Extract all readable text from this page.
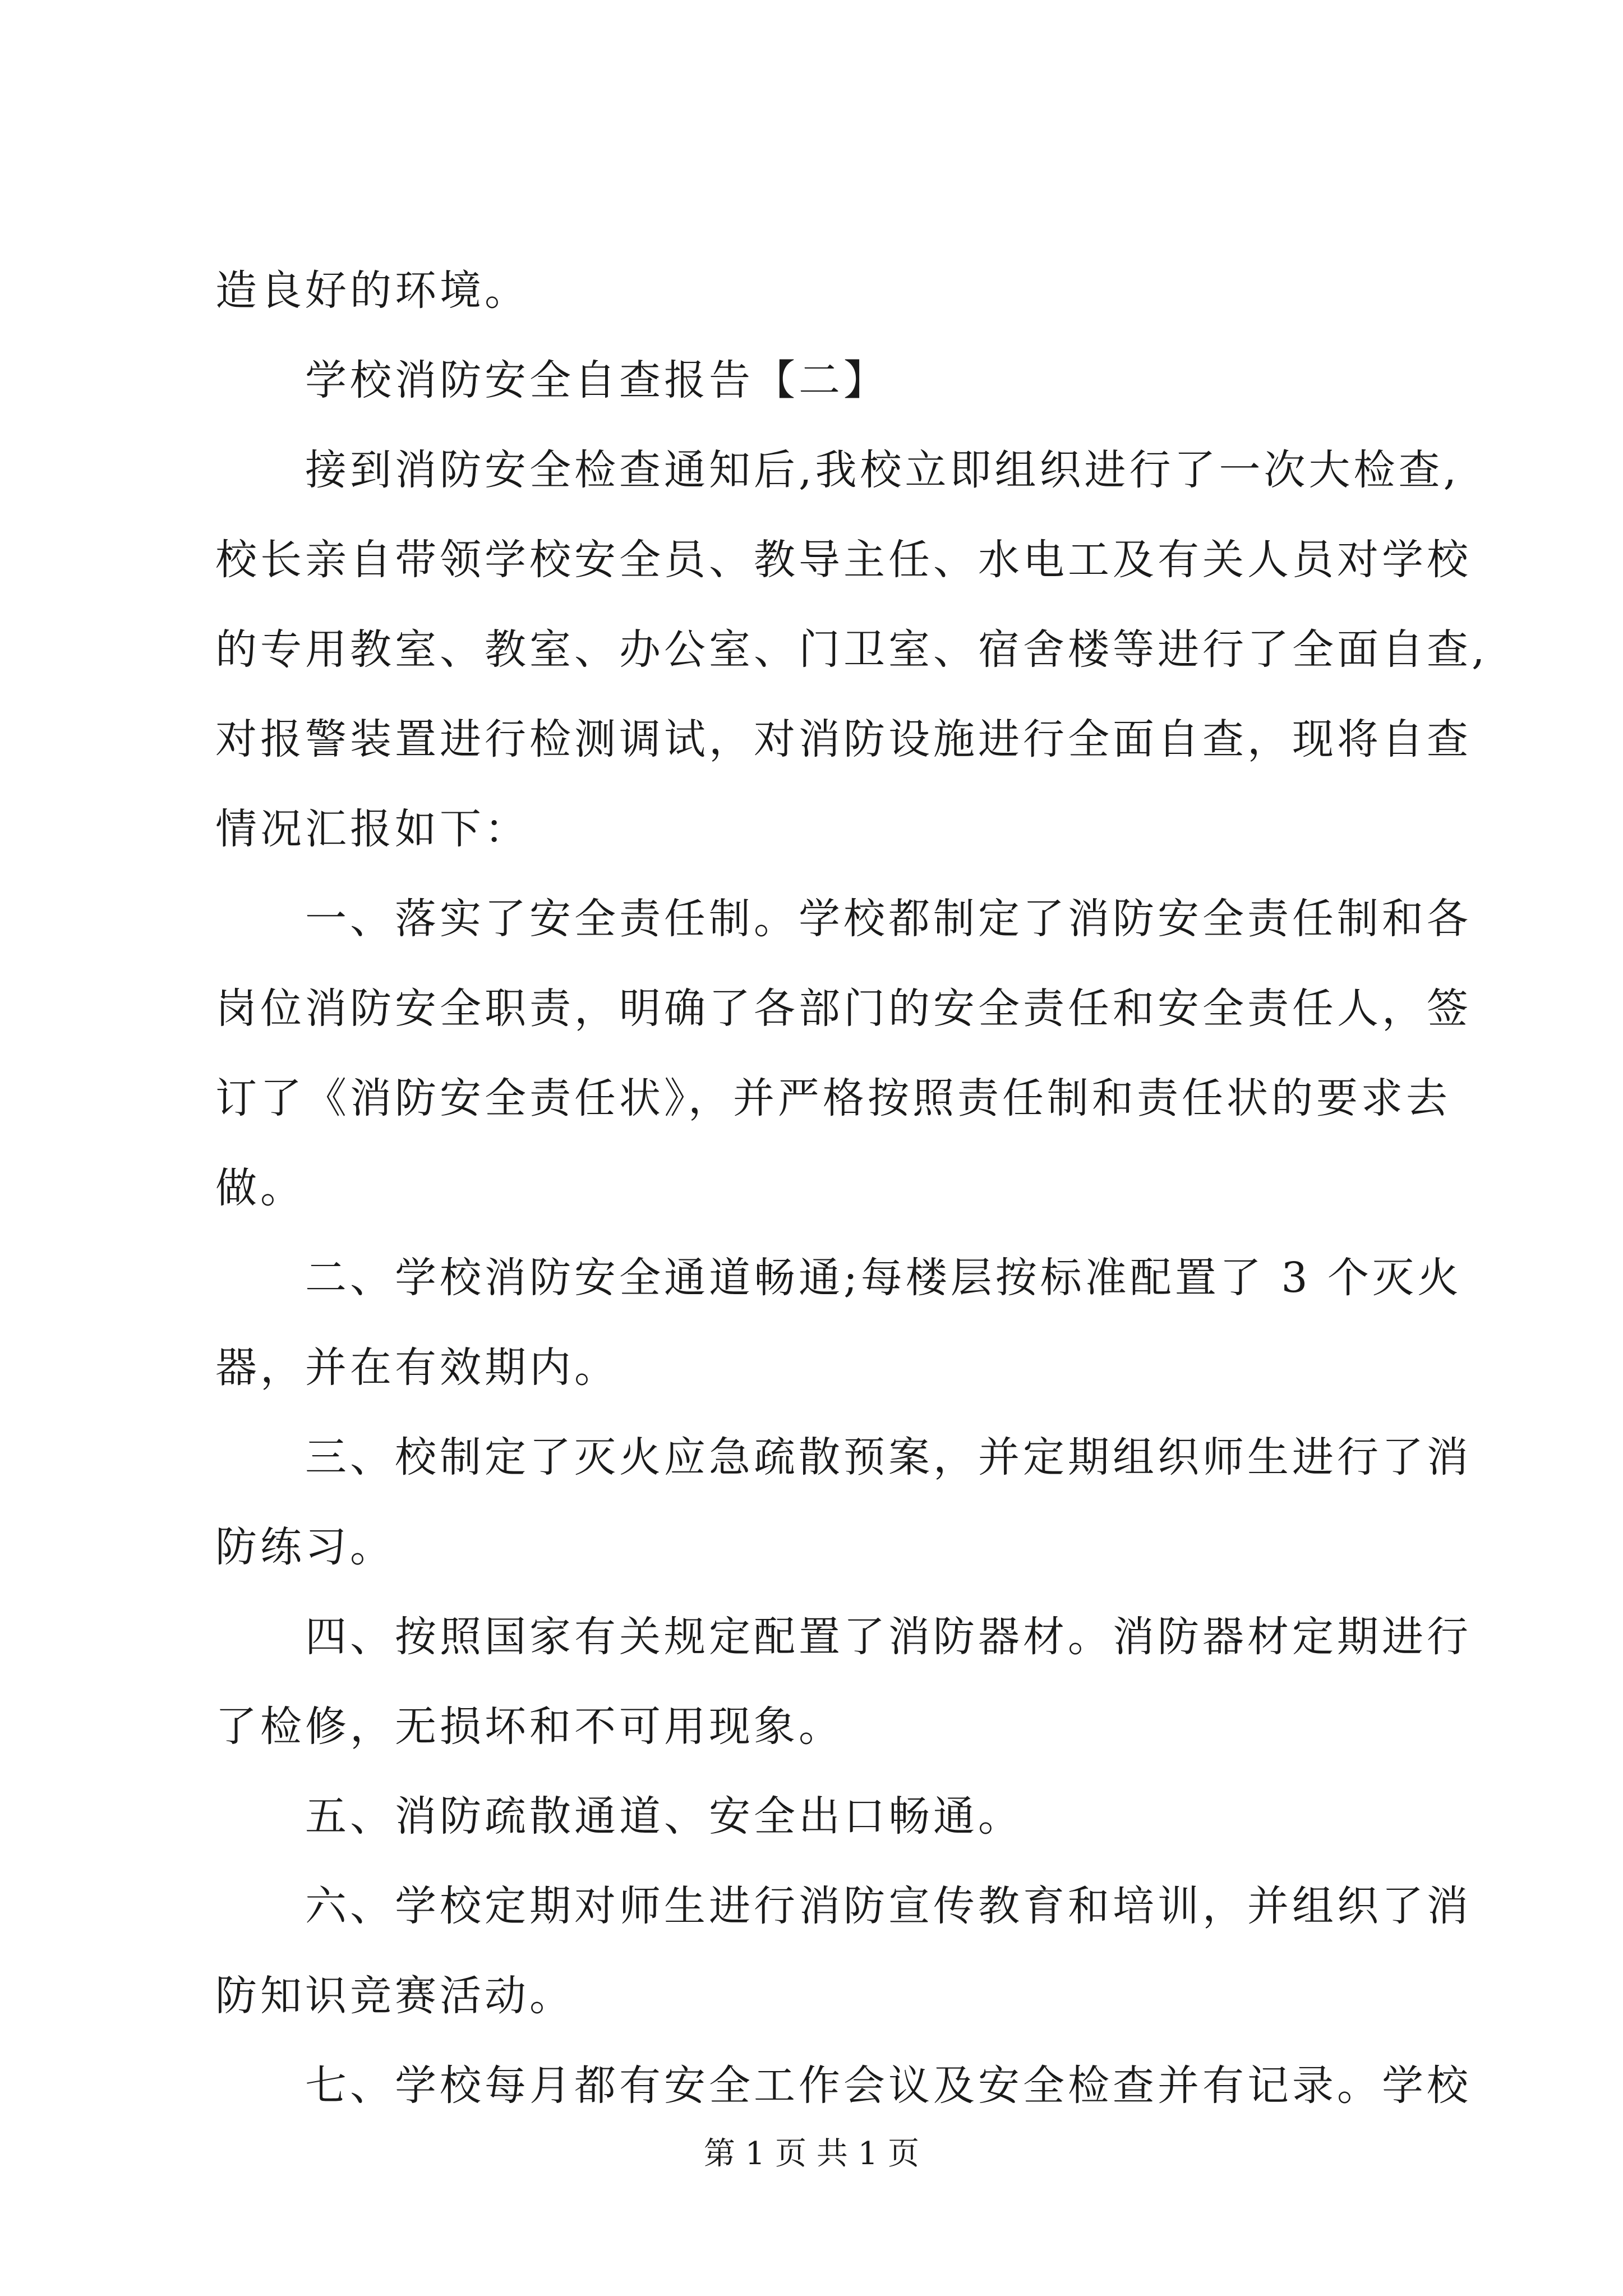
造良好的环境。
学校消防安全自查报告【二】
接到消防安全检查通知后,我校立即组织进行了一次大检查,
校长亲自带领学校安全员、教导主任、水电工及有关人员对学校
的专用教室、教室、办公室、门卫室、宿舍楼等进行了全面自查,
对报警装置进行检测调试，对消防设施进行全面自查，现将自查
情况汇报如下：
一、落实了安全责任制。学校都制定了消防安全责任制和各
岗位消防安全职责，明确了各部门的安全责任和安全责任人，签
订了《消防安全责任状》，并严格按照责任制和责任状的要求去
做。
二、学校消防安全通道畅通;每楼层按标准配置了 3 个灭火
器，并在有效期内。
三、校制定了灭火应急疏散预案，并定期组织师生进行了消
防练习。
四、按照国家有关规定配置了消防器材。消防器材定期进行
了检修，无损坏和不可用现象。
五、消防疏散通道、安全出口畅通。
六、学校定期对师生进行消防宣传教育和培训，并组织了消
防知识竞赛活动。
七、学校每月都有安全工作会议及安全检查并有记录。学校
第 1 页 共 1 页
